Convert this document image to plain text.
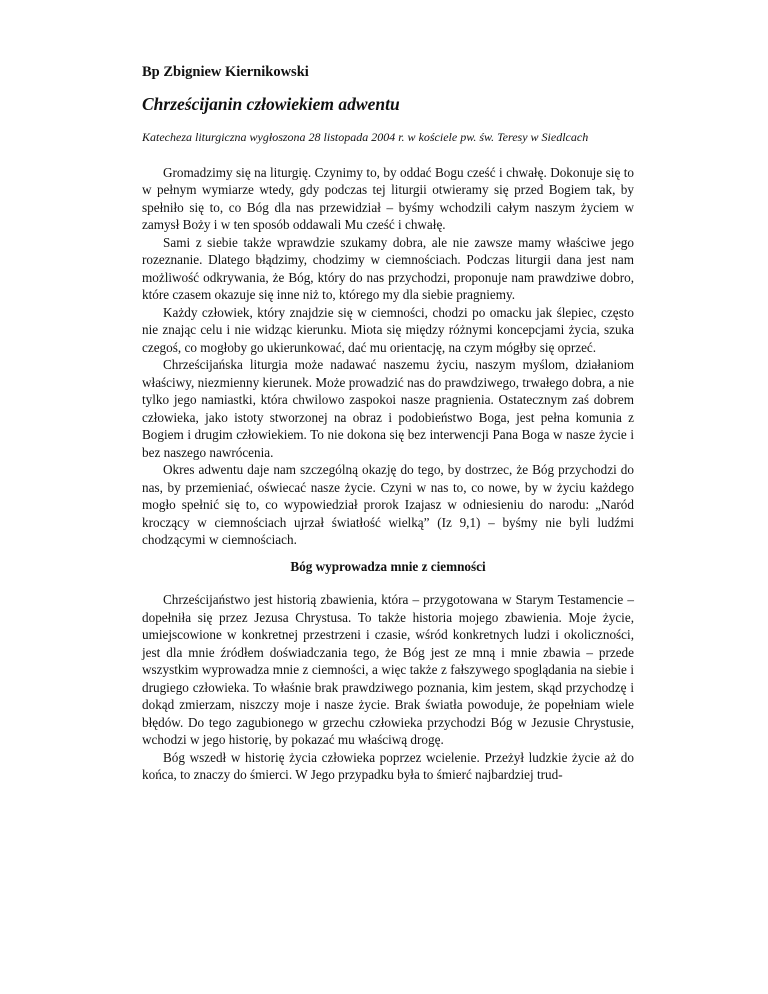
Bp Zbigniew Kiernikowski
Chrześcijanin człowiekiem adwentu
Katecheza liturgiczna wygłoszona 28 listopada 2004 r. w kościele pw. św. Teresy w Siedlcach

Gromadzimy się na liturgię. Czynimy to, by oddać Bogu cześć i chwałę. Dokonuje się to w pełnym wymiarze wtedy, gdy podczas tej liturgii otwieramy się przed Bogiem tak, by spełniło się to, co Bóg dla nas przewidział – byśmy wchodzili całym naszym życiem w zamysł Boży i w ten sposób oddawali Mu cześć i chwałę.

Sami z siebie także wprawdzie szukamy dobra, ale nie zawsze mamy właściwe jego rozeznanie. Dlatego błądzimy, chodzimy w ciemnościach. Podczas liturgii dana jest nam możliwość odkrywania, że Bóg, który do nas przychodzi, proponuje nam prawdziwe dobro, które czasem okazuje się inne niż to, którego my dla siebie pragniemy.

Każdy człowiek, który znajdzie się w ciemności, chodzi po omacku jak ślepiec, często nie znając celu i nie widząc kierunku. Miota się między różnymi koncepcjami życia, szuka czegoś, co mogłoby go ukierunkować, dać mu orientację, na czym mógłby się oprzeć.

Chrześcijańska liturgia może nadawać naszemu życiu, naszym myślom, działaniom właściwy, niezmienny kierunek. Może prowadzić nas do prawdziwego, trwałego dobra, a nie tylko jego namiastki, która chwilowo zaspokoi nasze pragnienia. Ostatecznym zaś dobrem człowieka, jako istoty stworzonej na obraz i podobieństwo Boga, jest pełna komunia z Bogiem i drugim człowiekiem. To nie dokona się bez interwencji Pana Boga w nasze życie i bez naszego nawrócenia.

Okres adwentu daje nam szczególną okazję do tego, by dostrzec, że Bóg przychodzi do nas, by przemieniać, oświecać nasze życie. Czyni w nas to, co nowe, by w życiu każdego mogło spełnić się to, co wypowiedział prorok Izajasz w odniesieniu do narodu: „Naród kroczący w ciemnościach ujrzał światłość wielką” (Iz 9,1) – byśmy nie byli ludźmi chodzącymi w ciemnościach.

Bóg wyprowadza mnie z ciemności

Chrześcijaństwo jest historią zbawienia, która – przygotowana w Starym Testamencie – dopełniła się przez Jezusa Chrystusa. To także historia mojego zbawienia. Moje życie, umiejscowione w konkretnej przestrzeni i czasie, wśród konkretnych ludzi i okoliczności, jest dla mnie źródłem doświadczania tego, że Bóg jest ze mną i mnie zbawia – przede wszystkim wyprowadza mnie z ciemności, a więc także z fałszywego spoglądania na siebie i drugiego człowieka. To właśnie brak prawdziwego poznania, kim jestem, skąd przychodzę i dokąd zmierzam, niszczy moje i nasze życie. Brak światła powoduje, że popełniam wiele błędów. Do tego zagubionego w grzechu człowieka przychodzi Bóg w Jezusie Chrystusie, wchodzi w jego historię, by pokazać mu właściwą drogę.

Bóg wszedł w historię życia człowieka poprzez wcielenie. Przeżył ludzkie życie aż do końca, to znaczy do śmierci. W Jego przypadku była to śmierć najbardziej trud-
